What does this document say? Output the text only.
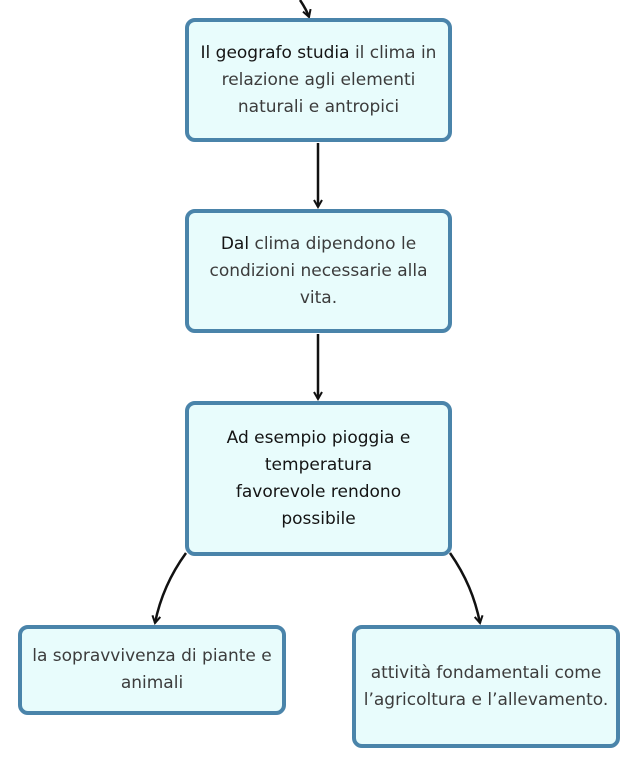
Il geografo studia il clima in
relazione agli elementi
naturali e antropici
Dal clima dipendono le
condizioni necessarie alla
vita.
Ad esempio pioggia e
temperatura
favorevole rendono
possibile
la sopravvivenza di piante e
animali
attività fondamentali come
l’agricoltura e l’allevamento.
